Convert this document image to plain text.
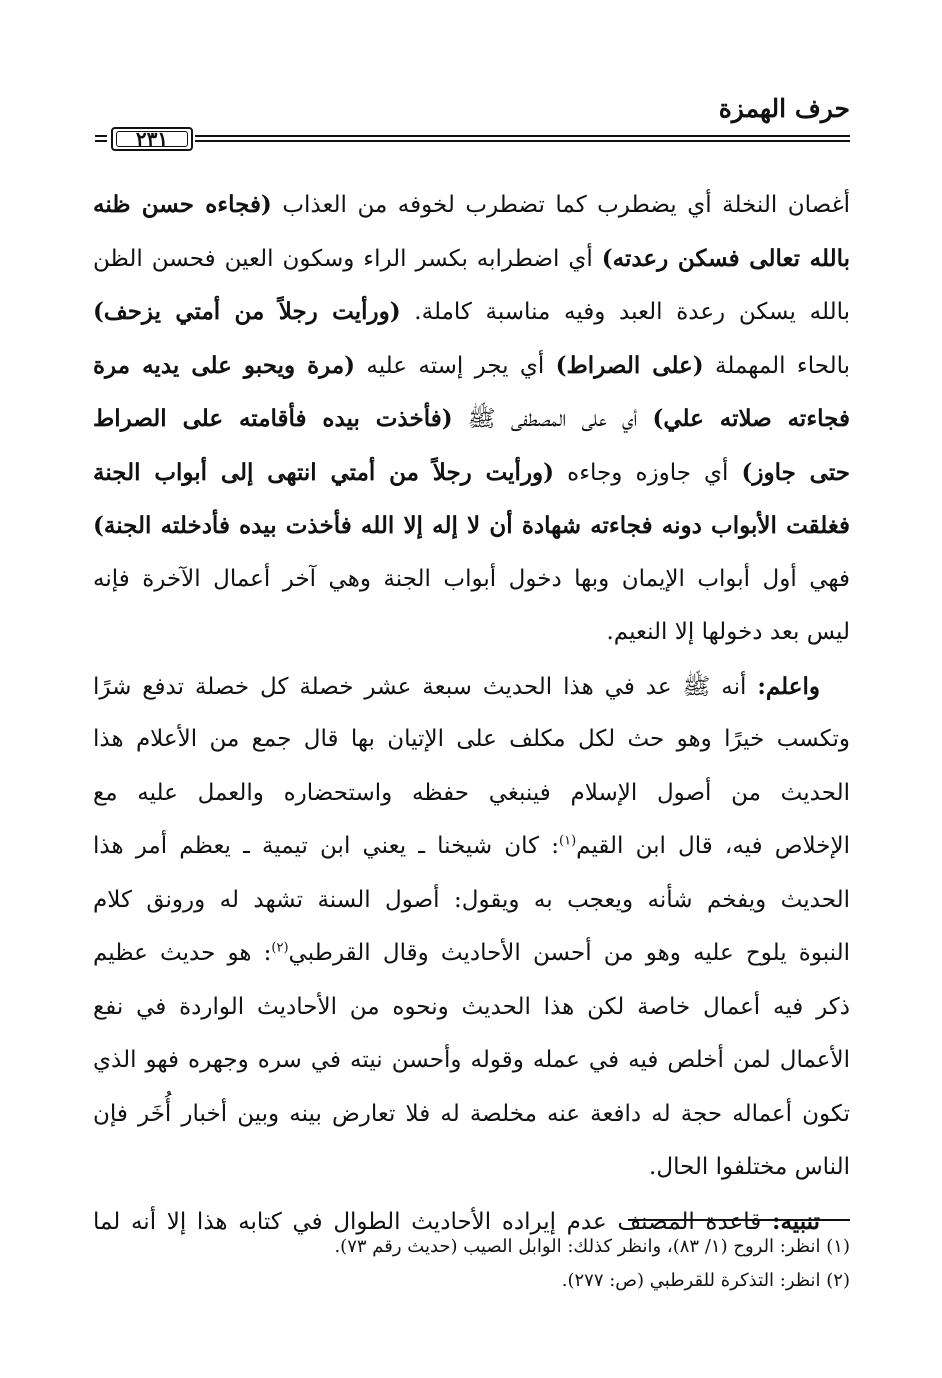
حرف الهمزة
٢٣١
أغصان النخلة أي يضطرب كما تضطرب لخوفه من العذاب (فجاءه حسن ظنه
بالله تعالى فسكن رعدته) أي اضطرابه بكسر الراء وسكون العين فحسن الظن
بالله يسكن رعدة العبد وفيه مناسبة كاملة. (ورأيت رجلاً من أمتي يزحف)
بالحاء المهملة (على الصراط) أي يجر إسته عليه (مرة ويحبو على يديه مرة
فجاءته صلاته علي) أي على المصطفى ﷺ (فأخذت بيده فأقامته على الصراط
حتى جاوز) أي جاوزه وجاءه (ورأيت رجلاً من أمتي انتهى إلى أبواب الجنة
فغلقت الأبواب دونه فجاءته شهادة أن لا إله إلا الله فأخذت بيده فأدخلته الجنة)
فهي أول أبواب الإيمان وبها دخول أبواب الجنة وهي آخر أعمال الآخرة فإنه
ليس بعد دخولها إلا النعيم.
واعلم: أنه ﷺ عد في هذا الحديث سبعة عشر خصلة كل خصلة تدفع شرًا
وتكسب خيرًا وهو حث لكل مكلف على الإتيان بها قال جمع من الأعلام هذا
الحديث من أصول الإسلام فينبغي حفظه واستحضاره والعمل عليه مع
الإخلاص فيه، قال ابن القيم$^{(١)}$: كان شيخنا ـ يعني ابن تيمية ـ يعظم أمر هذا
الحديث ويفخم شأنه ويعجب به ويقول: أصول السنة تشهد له ورونق كلام
النبوة يلوح عليه وهو من أحسن الأحاديث وقال القرطبي$^{(٢)}$: هو حديث عظيم
ذكر فيه أعمال خاصة لكن هذا الحديث ونحوه من الأحاديث الواردة في نفع
الأعمال لمن أخلص فيه في عمله وقوله وأحسن نيته في سره وجهره فهو الذي
تكون أعماله حجة له دافعة عنه مخلصة له فلا تعارض بينه وبين أخبار أُخَر فإن
الناس مختلفوا الحال.
تنبيه: قاعدة المصنف عدم إيراده الأحاديث الطوال في كتابه هذا إلا أنه لما
(١) انظر: الروح (١/ ٨٣)، وانظر كذلك: الوابل الصيب (حديث رقم ٧٣).
(٢) انظر: التذكرة للقرطبي (ص: ٢٧٧).
